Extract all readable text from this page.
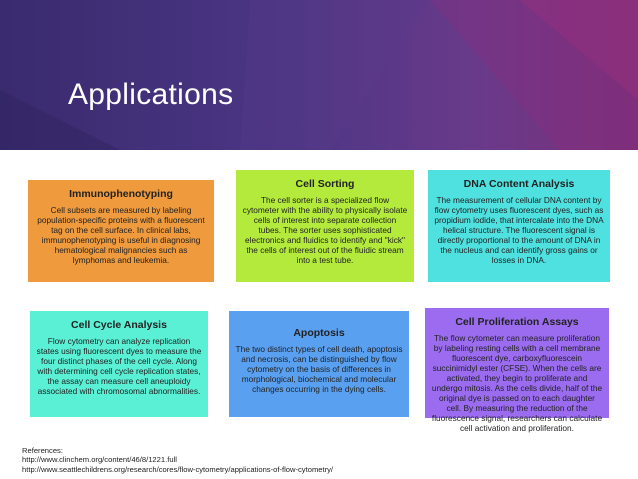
Applications
Immunophenotyping
Cell subsets are measured by labeling population-specific proteins with a fluorescent tag on the cell surface. In clinical labs, immunophenotyping is useful in diagnosing hematological malignancies such as lymphomas and leukemia.
Cell Sorting
The cell sorter is a specialized flow cytometer with the ability to physically isolate cells of interest into separate collection tubes. The sorter uses sophisticated electronics and fluidics to identify and "kick" the cells of interest out of the fluidic stream into a test tube.
DNA Content Analysis
The measurement of cellular DNA content by flow cytometry uses fluorescent dyes, such as propidium iodide, that intercalate into the DNA helical structure. The fluorescent signal is directly proportional to the amount of DNA in the nucleus and can identify gross gains or losses in DNA.
Cell Cycle Analysis
Flow cytometry can analyze replication states using fluorescent dyes to measure the four distinct phases of the cell cycle. Along with determining cell cycle replication states, the assay can measure cell aneuploidy associated with chromosomal abnormalities.
Apoptosis
The two distinct types of cell death, apoptosis and necrosis, can be distinguished by flow cytometry on the basis of differences in morphological, biochemical and molecular changes occurring in the dying cells.
Cell Proliferation Assays
The flow cytometer can measure proliferation by labeling resting cells with a cell membrane fluorescent dye, carboxyfluorescein succinimidyl ester (CFSE). When the cells are activated, they begin to proliferate and undergo mitosis. As the cells divide, half of the original dye is passed on to each daughter cell. By measuring the reduction of the fluorescence signal, researchers can calculate cell activation and proliferation.
References:
http://www.clinchem.org/content/46/8/1221.full
http://www.seattlechildrens.org/research/cores/flow-cytometry/applications-of-flow-cytometry/
